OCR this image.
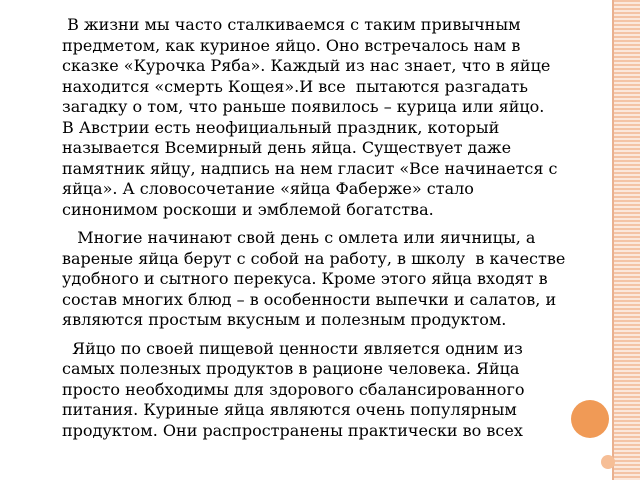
В жизни мы часто сталкиваемся с таким привычным
предметом, как куриное яйцо. Оно встречалось нам в
сказке «Курочка Ряба». Каждый из нас знает, что в яйце
находится «смерть Кощея».И все  пытаются разгадать
загадку о том, что раньше появилось – курица или яйцо.
В Австрии есть неофициальный праздник, который
называется Всемирный день яйца. Существует даже
памятник яйцу, надпись на нем гласит «Все начинается с
яйца». А словосочетание «яйца Фаберже» стало
синонимом роскоши и эмблемой богатства.

Многие начинают свой день с омлета или яичницы, а
вареные яйца берут с собой на работу, в школу  в качестве
удобного и сытного перекуса. Кроме этого яйца входят в
состав многих блюд – в особенности выпечки и салатов, и
являются простым вкусным и полезным продуктом.

Яйцо по своей пищевой ценности является одним из
самых полезных продуктов в рационе человека. Яйца
просто необходимы для здорового сбалансированного
питания. Куриные яйца являются очень популярным
продуктом. Они распространены практически во всех
